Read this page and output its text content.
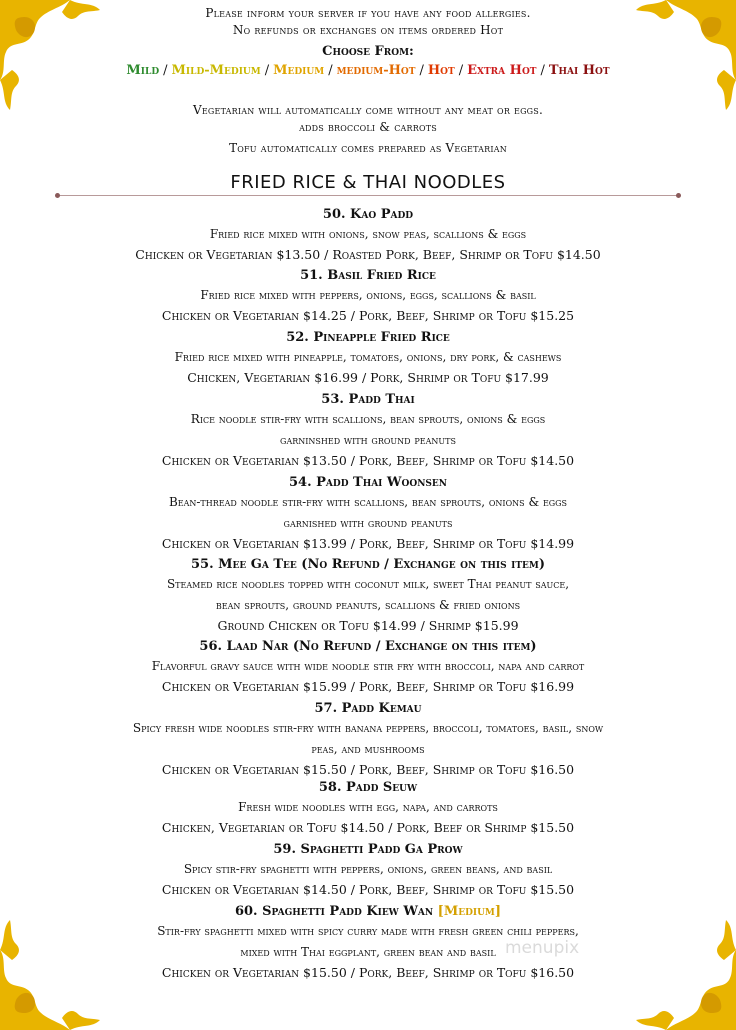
Please inform your server if you have any food allergies.
No refunds or exchanges on items ordered Hot
Choose From:
Mild / Mild-Medium / Medium / medium-Hot / Hot / Extra Hot / Thai Hot
Vegetarian will automatically come without any meat or eggs.
adds broccoli & carrots
Tofu automatically comes prepared as Vegetarian
FRIED RICE & THAI NOODLES
50. Kao Padd
Fried rice mixed with onions, snow peas, scallions & eggs
Chicken or Vegetarian $13.50 / Roasted Pork, Beef, Shrimp or Tofu $14.50
51. Basil Fried Rice
Fried rice mixed with peppers, onions, eggs, scallions & basil
Chicken or Vegetarian $14.25 / Pork, Beef, Shrimp or Tofu $15.25
52. Pineapple Fried Rice
Fried rice mixed with pineapple, tomatoes, onions, dry pork, & cashews
Chicken, Vegetarian $16.99 / Pork, Shrimp or Tofu $17.99
53. Padd Thai
Rice noodle stir-fry with scallions, bean sprouts, onions & eggs
garninshed with ground peanuts
Chicken or Vegetarian $13.50 / Pork, Beef, Shrimp or Tofu $14.50
54. Padd Thai Woonsen
Bean-thread noodle stir-fry with scallions, bean sprouts, onions & eggs
garnished with ground peanuts
Chicken or Vegetarian $13.99 / Pork, Beef, Shrimp or Tofu $14.99
55. Mee Ga Tee (No Refund / Exchange on this item)
Steamed rice noodles topped with coconut milk, sweet Thai peanut sauce,
bean sprouts, ground peanuts, scallions & fried onions
Ground Chicken or Tofu $14.99 / Shrimp $15.99
56. Laad Nar (No Refund / Exchange on this item)
Flavorful gravy sauce with wide noodle stir fry with broccoli, napa and carrot
Chicken or Vegetarian $15.99 / Pork, Beef, Shrimp or Tofu $16.99
57. Padd Kemau
Spicy fresh wide noodles stir-fry with banana peppers, broccoli, tomatoes, basil, snow
peas, and mushrooms
Chicken or Vegetarian $15.50 / Pork, Beef, Shrimp or Tofu $16.50
58. Padd Seuw
Fresh wide noodles with egg, napa, and carrots
Chicken, Vegetarian or Tofu $14.50 / Pork, Beef or Shrimp $15.50
59. Spaghetti Padd Ga Prow
Spicy stir-fry spaghetti with peppers, onions, green beans, and basil
Chicken or Vegetarian $14.50 / Pork, Beef, Shrimp or Tofu $15.50
60. Spaghetti Padd Kiew Wan [Medium]
Stir-fry spaghetti mixed with spicy curry made with fresh green chili peppers,
mixed with Thai eggplant, green bean and basil
Chicken or Vegetarian $15.50 / Pork, Beef, Shrimp or Tofu $16.50
menupix
